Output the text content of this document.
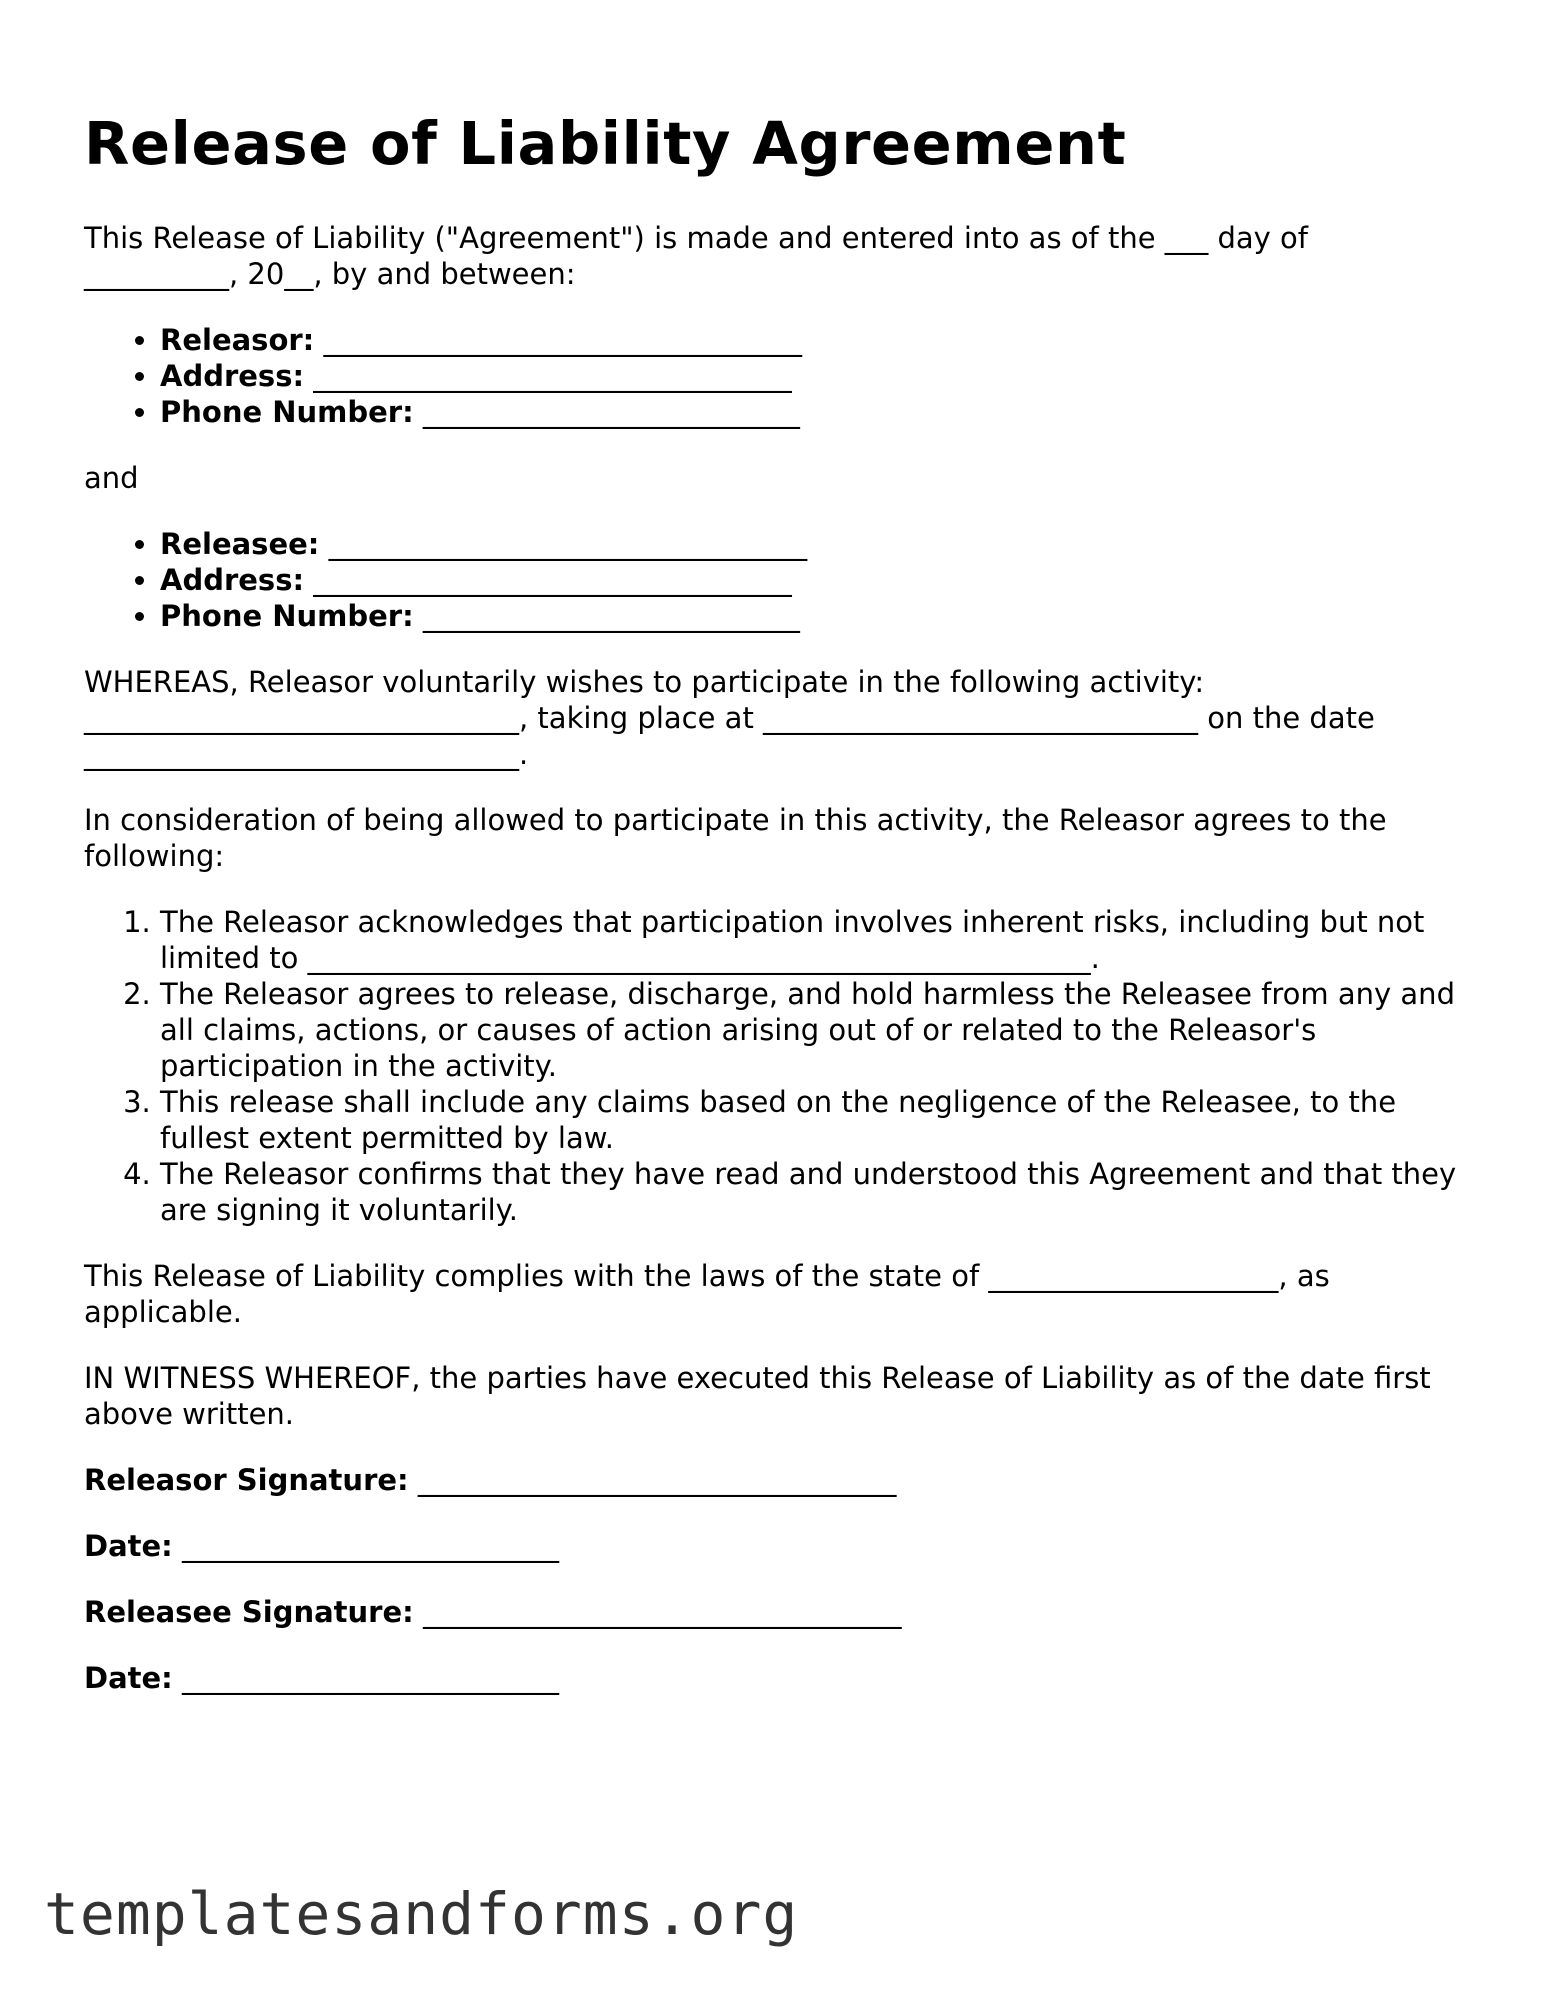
Release of Liability Agreement

This Release of Liability ("Agreement") is made and entered into as of the ___ day of __________, 20__, by and between:

• Releasor: _________________________________
• Address: _________________________________
• Phone Number: __________________________

and

• Releasee: _________________________________
• Address: _________________________________
• Phone Number: __________________________

WHEREAS, Releasor voluntarily wishes to participate in the following activity: ______________________________, taking place at ______________________________ on the date ______________________________.

In consideration of being allowed to participate in this activity, the Releasor agrees to the following:

1. The Releasor acknowledges that participation involves inherent risks, including but not limited to ______________________________________________________.
2. The Releasor agrees to release, discharge, and hold harmless the Releasee from any and all claims, actions, or causes of action arising out of or related to the Releasor's participation in the activity.
3. This release shall include any claims based on the negligence of the Releasee, to the fullest extent permitted by law.
4. The Releasor confirms that they have read and understood this Agreement and that they are signing it voluntarily.

This Release of Liability complies with the laws of the state of ____________________, as applicable.

IN WITNESS WHEREOF, the parties have executed this Release of Liability as of the date first above written.

Releasor Signature: _________________________________

Date: __________________________

Releasee Signature: _________________________________

Date: __________________________

templatesandforms.org
